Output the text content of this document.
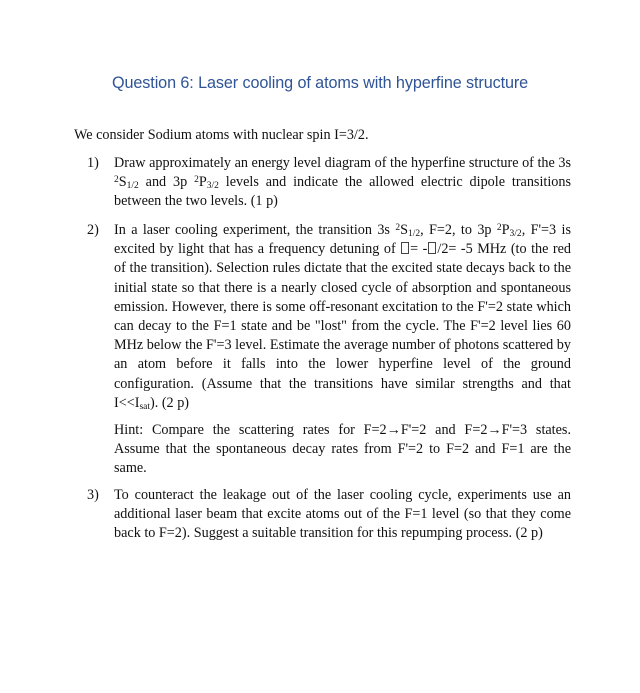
Question 6: Laser cooling of atoms with hyperfine structure
We consider Sodium atoms with nuclear spin I=3/2.
1) Draw approximately an energy level diagram of the hyperfine structure of the 3s $^2S_{1/2}$ and 3p $^2P_{3/2}$ levels and indicate the allowed electric dipole transitions between the two levels. (1 p)
2) In a laser cooling experiment, the transition 3s $^2S_{1/2}$, F=2, to 3p $^2P_{3/2}$, F'=3 is excited by light that has a frequency detuning of = - /2= -5 MHz (to the red of the transition). Selection rules dictate that the excited state decays back to the initial state so that there is a nearly closed cycle of absorption and spontaneous emission. However, there is some off-resonant excitation to the F'=2 state which can decay to the F=1 state and be "lost" from the cycle. The F'=2 level lies 60 MHz below the F'=3 level. Estimate the average number of photons scattered by an atom before it falls into the lower hyperfine level of the ground configuration. (Assume that the transitions have similar strengths and that $I<<I_{sat}$). (2 p)
Hint: Compare the scattering rates for F=2→F'=2 and F=2→F'=3 states. Assume that the spontaneous decay rates from F'=2 to F=2 and F=1 are the same.
3) To counteract the leakage out of the laser cooling cycle, experiments use an additional laser beam that excite atoms out of the F=1 level (so that they come back to F=2). Suggest a suitable transition for this repumping process. (2 p)
